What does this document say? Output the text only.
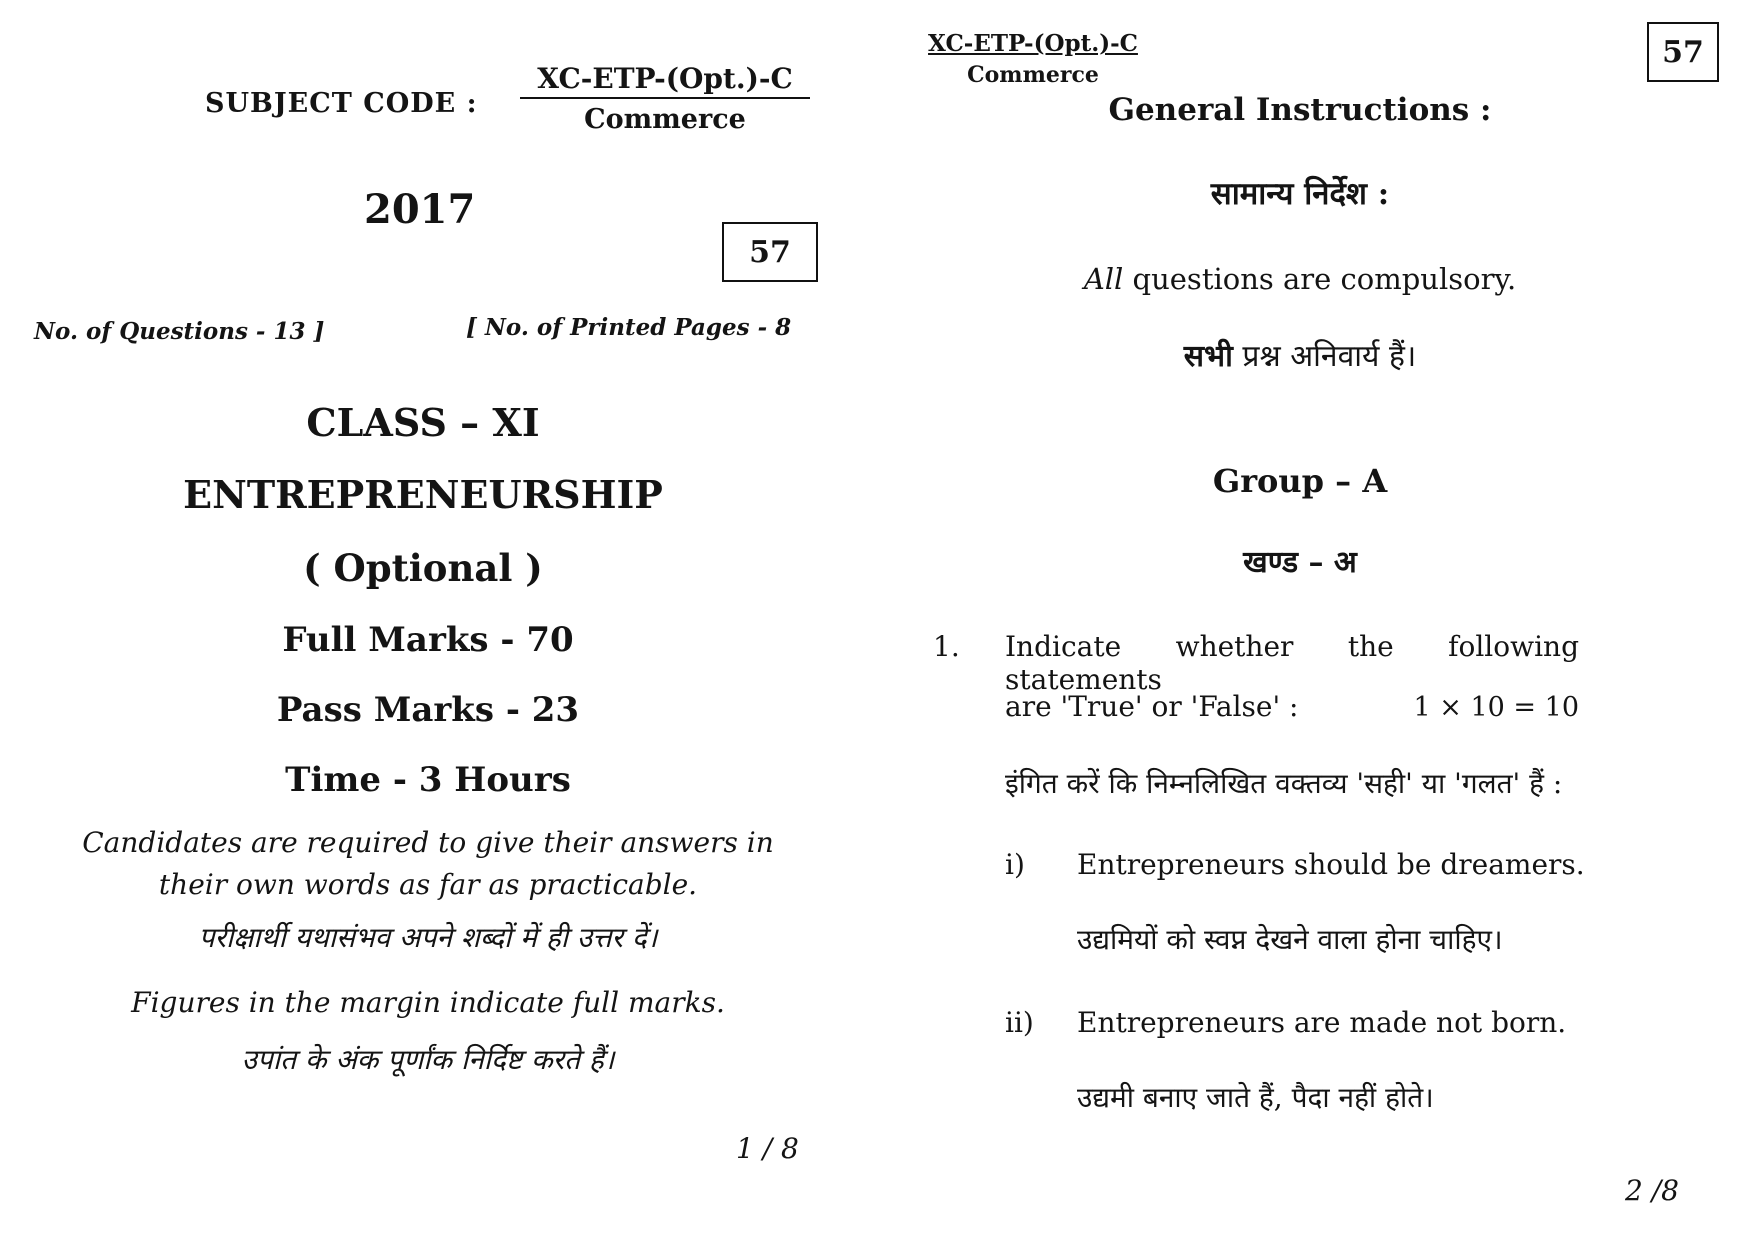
SUBJECT CODE :
XC-ETP-(Opt.)-C
Commerce
2017
57
No. of Questions - 13 ]	[ No. of Printed Pages - 8
CLASS – XI
ENTREPRENEURSHIP
( Optional )
Full Marks - 70
Pass Marks - 23
Time - 3 Hours
Candidates are required to give their answers in
their own words as far as practicable.
परीक्षार्थी यथासंभव अपने शब्दों में ही उत्तर दें।
Figures in the margin indicate full marks.
उपांत के अंक पूर्णांक निर्दिष्ट करते हैं।
1 / 8
XC-ETP-(Opt.)-C
Commerce
57
General Instructions :
सामान्य निर्देश :
All questions are compulsory.
सभी प्रश्न अनिवार्य हैं।
Group – A
खण्ड – अ
1. Indicate whether the following statements
are 'True' or 'False' :	1 × 10 = 10
इंगित करें कि निम्नलिखित वक्तव्य 'सही' या 'गलत' हैं :
i) Entrepreneurs should be dreamers.
उद्यमियों को स्वप्न देखने वाला होना चाहिए।
ii) Entrepreneurs are made not born.
उद्यमी बनाए जाते हैं, पैदा नहीं होते।
2 /8
